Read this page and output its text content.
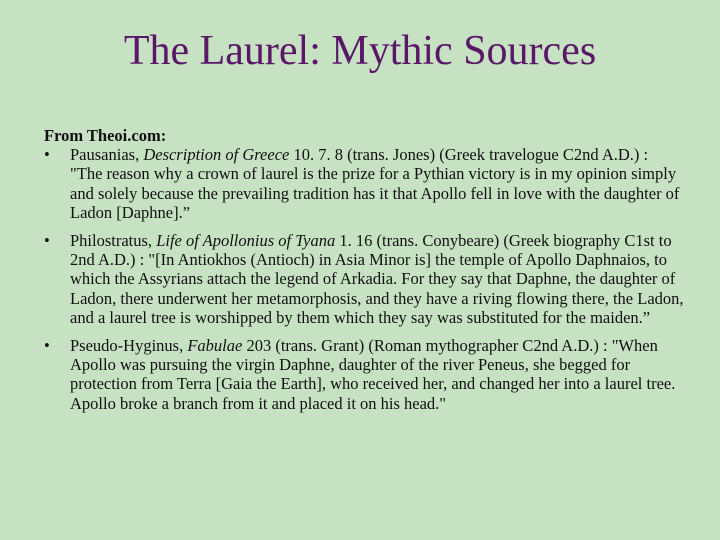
The Laurel: Mythic Sources
From Theoi.com:
• Pausanias, Description of Greece 10. 7. 8 (trans. Jones) (Greek travelogue C2nd A.D.) : "The reason why a crown of laurel is the prize for a Pythian victory is in my opinion simply and solely because the prevailing tradition has it that Apollo fell in love with the daughter of Ladon [Daphne].”
• Philostratus, Life of Apollonius of Tyana 1. 16 (trans. Conybeare) (Greek biography C1st to 2nd A.D.) : "[In Antiokhos (Antioch) in Asia Minor is] the temple of Apollo Daphnaios, to which the Assyrians attach the legend of Arkadia. For they say that Daphne, the daughter of Ladon, there underwent her metamorphosis, and they have a riving flowing there, the Ladon, and a laurel tree is worshipped by them which they say was substituted for the maiden.”
• Pseudo-Hyginus, Fabulae 203 (trans. Grant) (Roman mythographer C2nd A.D.) : "When Apollo was pursuing the virgin Daphne, daughter of the river Peneus, she begged for protection from Terra [Gaia the Earth], who received her, and changed her into a laurel tree. Apollo broke a branch from it and placed it on his head."
